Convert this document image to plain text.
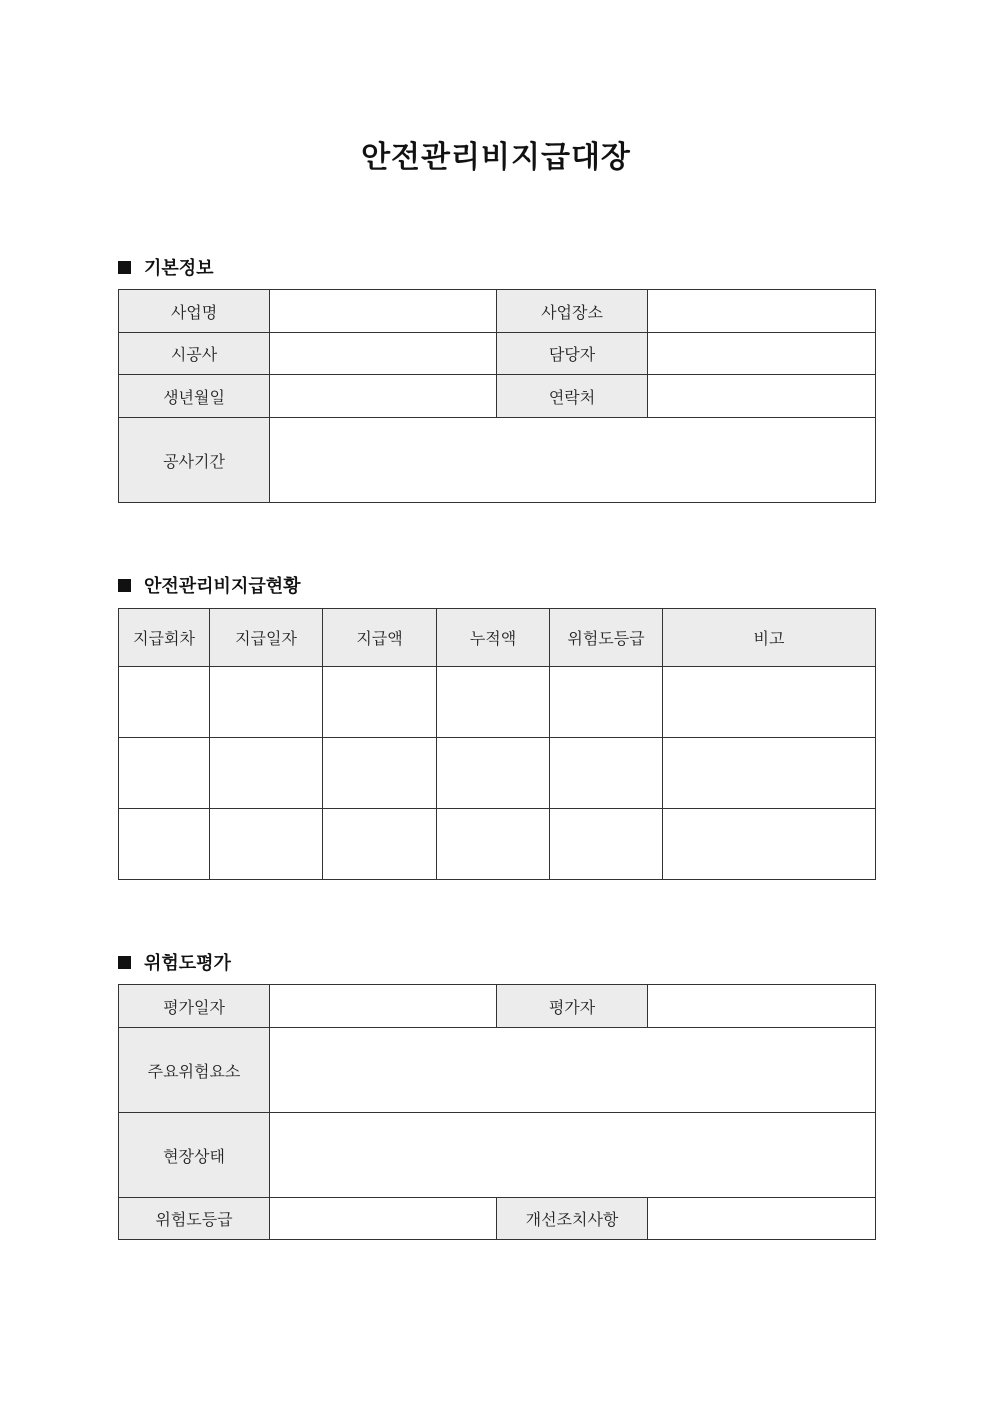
안전관리비지급대장
기본정보
사업명		사업장소	
시공사		담당자	
생년월일		연락처	
공사기간			
안전관리비지급현황
지급회차	지급일자	지급액	누적액	위험도등급	비고

위험도평가
평가일자		평가자	
주요위험요소			
현장상태			
위험도등급		개선조치사항	
